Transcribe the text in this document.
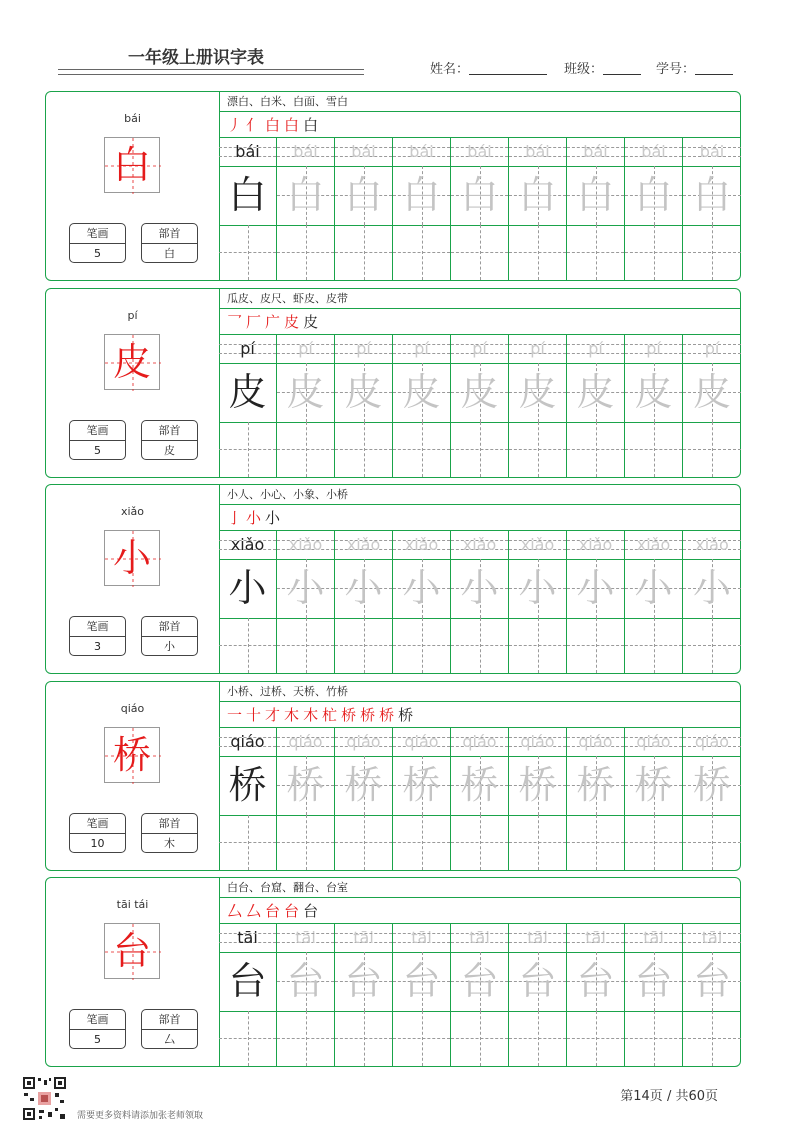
一年级上册识字表
姓名：	班级：	学号：
bái
白
笔画
5
部首
白
漂白、白米、白面、雪白
丿 亻 白 白 白
bái	bái	bái	bái	bái	bái	bái	bái	bái
白 白 白 白 白 白 白 白 白
pí
皮
笔画
5
部首
皮
瓜皮、皮尺、虾皮、皮带
乛 厂 广 皮 皮
pí	pí	pí	pí	pí	pí	pí	pí	pí
皮 皮 皮 皮 皮 皮 皮 皮 皮
xiǎo
小
笔画
3
部首
小
小人、小心、小象、小桥
亅 小 小
xiǎo	xiǎo	xiǎo	xiǎo	xiǎo	xiǎo	xiǎo	xiǎo	xiǎo
小 小 小 小 小 小 小 小 小
qiáo
桥
笔画
10
部首
木
小桥、过桥、天桥、竹桥
一 十 才 木 木 杧 桥 桥 桥 桥
qiáo	qiáo	qiáo	qiáo	qiáo	qiáo	qiáo	qiáo	qiáo
桥 桥 桥 桥 桥 桥 桥 桥 桥
tāi tái
台
笔画
5
部首
厶
白台、台窟、翻台、台室
厶 厶 台 台 台
tāi	tāi	tāi	tāi	tāi	tāi	tāi	tāi	tāi
台 台 台 台 台 台 台 台 台
第14页 / 共60页
需要更多资料请添加张老师领取
